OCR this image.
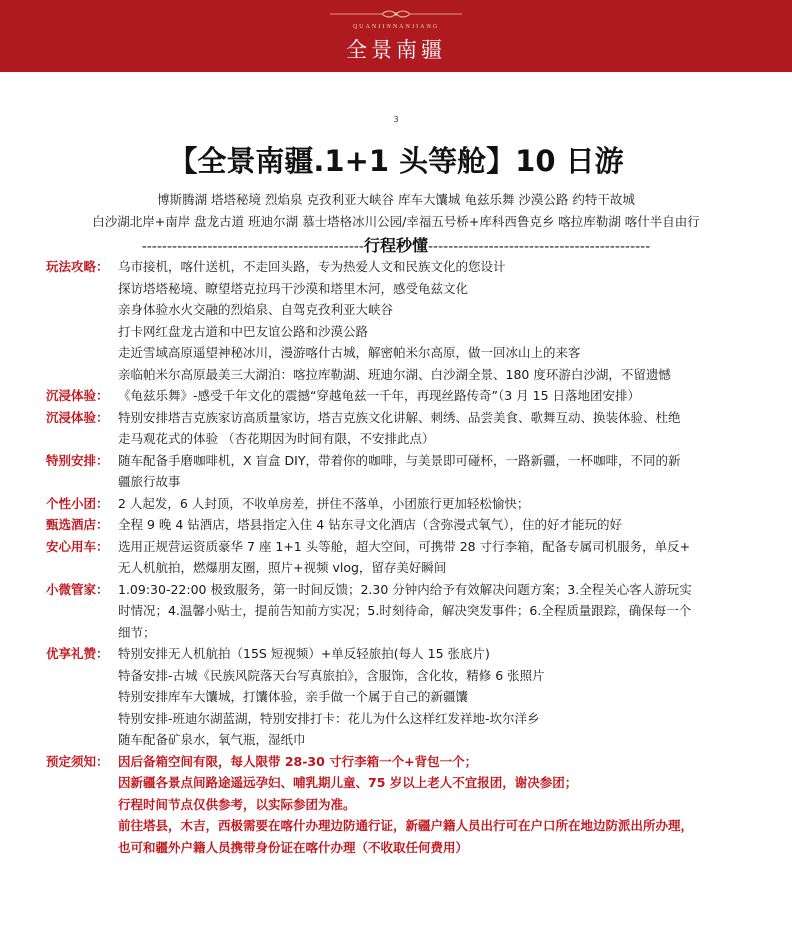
QUANJINNANJIANG
全景南疆
3
【全景南疆.1+1 头等舱】10 日游
博斯腾湖 塔塔秘境 烈焰泉 克孜利亚大峡谷 库车大馕城 龟兹乐舞 沙漠公路 约特干故城
白沙湖北岸+南岸 盘龙古道 班迪尔湖 慕士塔格冰川公园/幸福五号桥+库科西鲁克乡 喀拉库勒湖 喀什半自由行
--------------------------------------------行程秒懂--------------------------------------------
玩法攻略： 乌市接机，喀什送机，不走回头路，专为热爱人文和民族文化的您设计
探访塔塔秘境、瞭望塔克拉玛干沙漠和塔里木河，感受龟兹文化
亲身体验水火交融的烈焰泉、自驾克孜利亚大峡谷
打卡网红盘龙古道和中巴友谊公路和沙漠公路
走近雪域高原遥望神秘冰川，漫游喀什古城，解密帕米尔高原，做一回冰山上的来客
亲临帕米尔高原最美三大湖泊：喀拉库勒湖、班迪尔湖、白沙湖全景、180 度环游白沙湖，不留遗憾
沉浸体验： 《龟兹乐舞》-感受千年文化的震撼“穿越龟兹一千年，再现丝路传奇”（3 月 15 日落地团安排）
沉浸体验： 特别安排塔吉克族家访高质量家访，塔吉克族文化讲解、刺绣、品尝美食、歌舞互动、换装体验、杜绝
走马观花式的体验 （杏花期因为时间有限，不安排此点）
特别安排： 随车配备手磨咖啡机，X 盲盒 DIY，带着你的咖啡，与美景即可碰杯，一路新疆，一杯咖啡，不同的新
疆旅行故事
个性小团： 2 人起发，6 人封顶，不收单房差，拼住不落单，小团旅行更加轻松愉快；
甄选酒店： 全程 9 晚 4 钻酒店，塔县指定入住 4 钻东寻文化酒店（含弥漫式氧气），住的好才能玩的好
安心用车： 选用正规营运资质豪华 7 座 1+1 头等舱，超大空间，可携带 28 寸行李箱，配备专属司机服务，单反+
无人机航拍，燃爆朋友圈，照片+视频 vlog，留存美好瞬间
小微管家： 1.09:30-22:00 极致服务，第一时间反馈；2.30 分钟内给予有效解决问题方案；3.全程关心客人游玩实
时情况；4.温馨小贴士，提前告知前方实况；5.时刻待命，解决突发事件；6.全程质量跟踪，确保每一个
细节；
优享礼赞： 特别安排无人机航拍（15S 短视频）+单反轻旅拍(每人 15 张底片)
特备安排-古城《民族风院落天台写真旅拍》，含服饰，含化妆，精修 6 张照片
特别安排库车大馕城，打馕体验，亲手做一个属于自己的新疆馕
特别安排-班迪尔湖蓝湖，特别安排打卡：花儿为什么这样红发祥地-坎尔洋乡
随车配备矿泉水，氧气瓶，湿纸巾
预定须知： 因后备箱空间有限，每人限带 28-30 寸行李箱一个+背包一个；
因新疆各景点间路途遥远孕妇、哺乳期儿童、75 岁以上老人不宜报团，谢决参团；
行程时间节点仅供参考，以实际参团为准。
前往塔县，木吉，西极需要在喀什办理边防通行证，新疆户籍人员出行可在户口所在地边防派出所办理，
也可和疆外户籍人员携带身份证在喀什办理（不收取任何费用）
